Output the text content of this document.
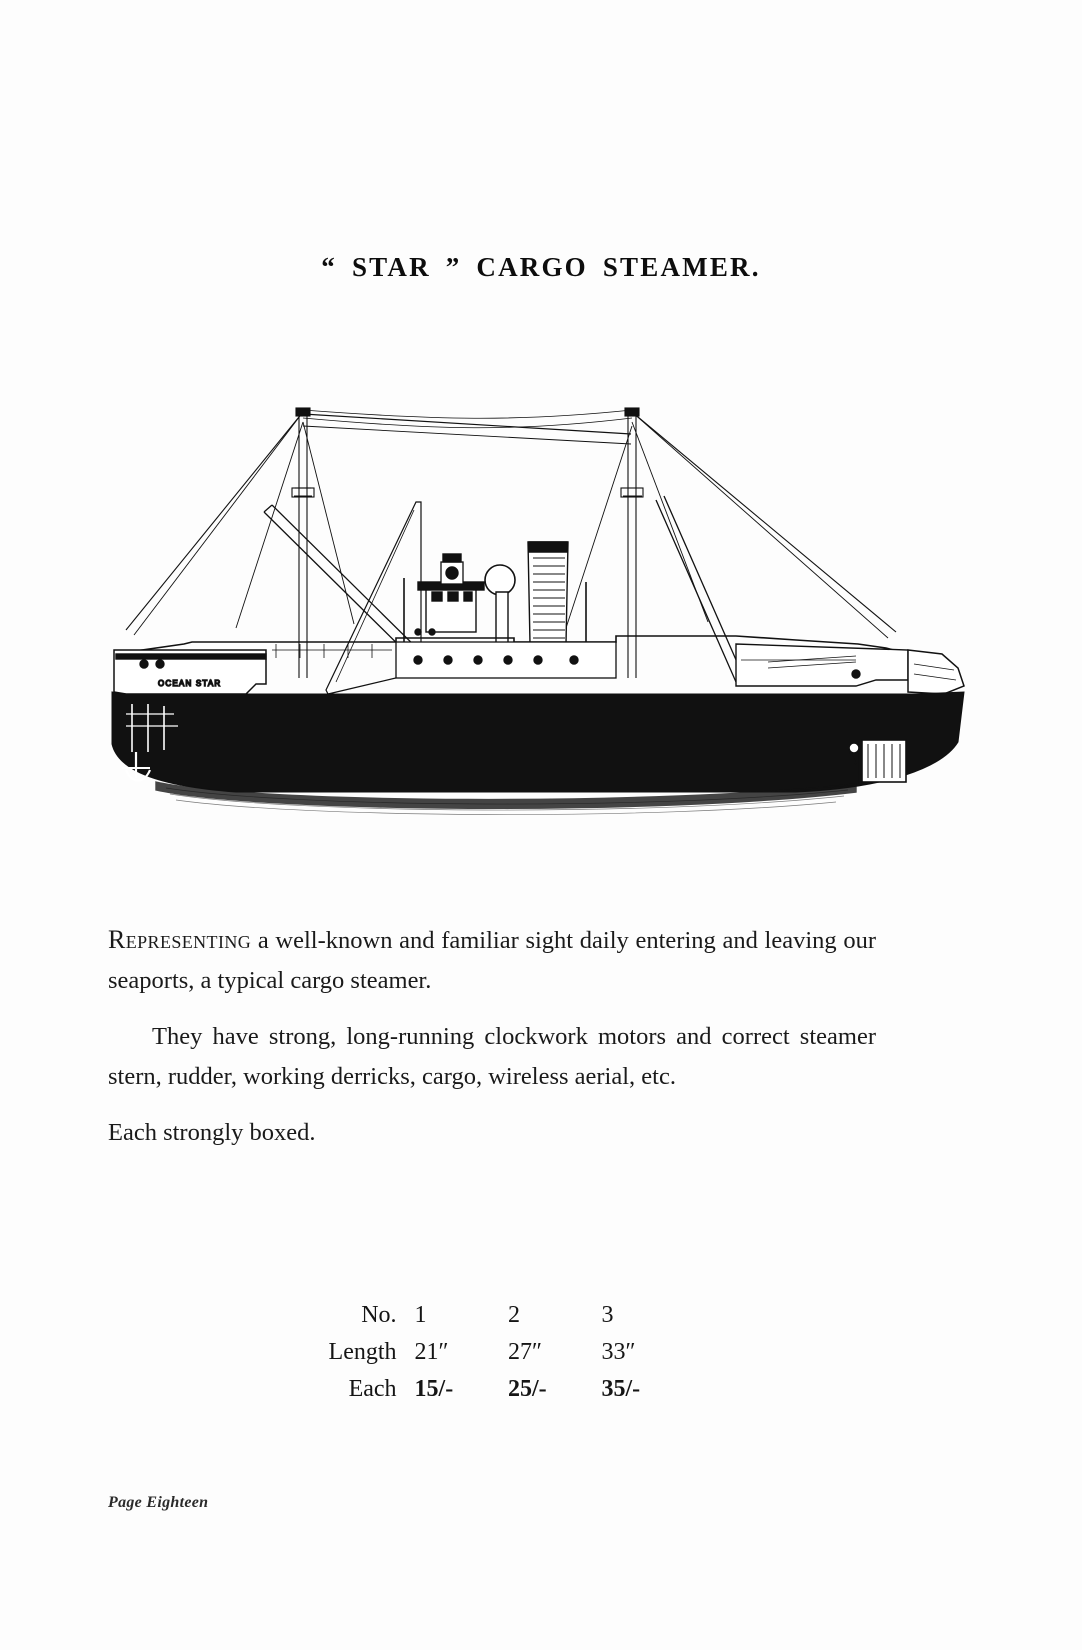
“ STAR ” CARGO STEAMER.
OCEAN STAR

Representing a well-known and familiar sight daily entering and leaving our seaports, a typical cargo steamer.

They have strong, long-running clockwork motors and correct steamer stern, rudder, working derricks, cargo, wireless aerial, etc.

Each strongly boxed.

No.	1	2	3
Length	21″	27″	33″
Each	15/-	25/-	35/-
Page Eighteen
